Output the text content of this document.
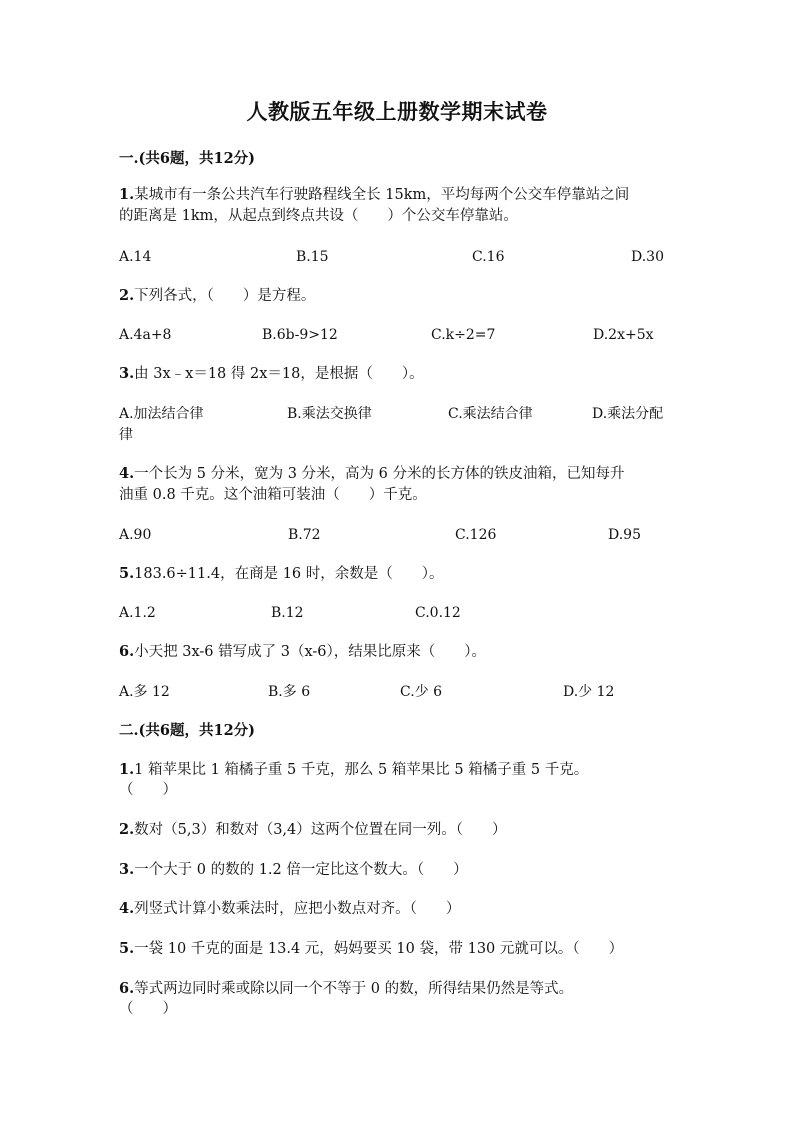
人教版五年级上册数学期末试卷
一.(共6题，共12分)
1.某城市有一条公共汽车行驶路程线全长 15km，平均每两个公交车停靠站之间
的距离是 1km，从起点到终点共设（　　）个公交车停靠站。
A.14	B.15	C.16	D.30
2.下列各式，（　　）是方程。
A.4a+8	B.6b-9>12	C.k÷2=7	D.2x+5x
3.由 3x﹣x＝18 得 2x＝18，是根据（　　）。
A.加法结合律	B.乘法交换律	C.乘法结合律	D.乘法分配
律
4.一个长为 5 分米，宽为 3 分米，高为 6 分米的长方体的铁皮油箱，已知每升
油重 0.8 千克。这个油箱可装油（　　）千克。
A.90	B.72	C.126	D.95
5.183.6÷11.4，在商是 16 时，余数是（　　）。
A.1.2	B.12	C.0.12
6.小天把 3x-6 错写成了 3（x-6），结果比原来（　　）。
A.多 12	B.多 6	C.少 6	D.少 12
二.(共6题，共12分)
1.1 箱苹果比 1 箱橘子重 5 千克，那么 5 箱苹果比 5 箱橘子重 5 千克。
（　　）
2.数对（5,3）和数对（3,4）这两个位置在同一列。（　　）
3.一个大于 0 的数的 1.2 倍一定比这个数大。（　　）
4.列竖式计算小数乘法时，应把小数点对齐。（　　）
5.一袋 10 千克的面是 13.4 元，妈妈要买 10 袋，带 130 元就可以。（　　）
6.等式两边同时乘或除以同一个不等于 0 的数，所得结果仍然是等式。
（　　）
